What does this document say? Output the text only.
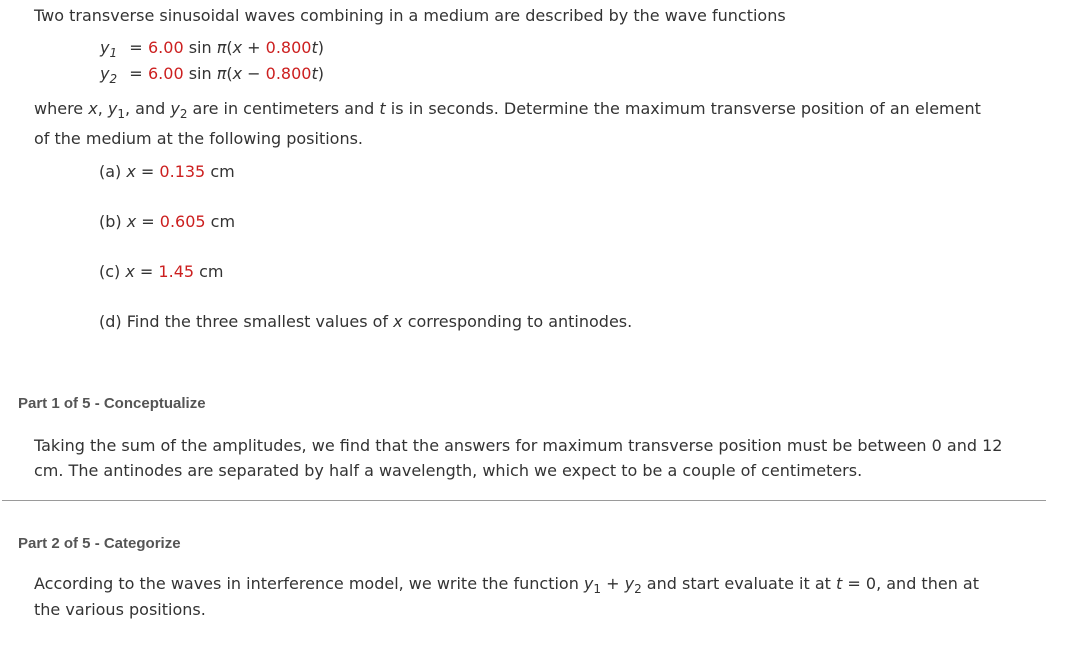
Two transverse sinusoidal waves combining in a medium are described by the wave functions
$y_1 = 6.00$ sin π(x + 0.800t)
$y_2 = 6.00$ sin π(x − 0.800t)
where x, $y_1$, and $y_2$ are in centimeters and t is in seconds. Determine the maximum transverse position of an element
of the medium at the following positions.
(a) x = 0.135 cm
(b) x = 0.605 cm
(c) x = 1.45 cm
(d) Find the three smallest values of x corresponding to antinodes.
Part 1 of 5 - Conceptualize
Taking the sum of the amplitudes, we find that the answers for maximum transverse position must be between 0 and 12 cm. The antinodes are separated by half a wavelength, which we expect to be a couple of centimeters.
Part 2 of 5 - Categorize
According to the waves in interference model, we write the function $y_1 + y_2$ and start evaluate it at t = 0, and then at
the various positions.
